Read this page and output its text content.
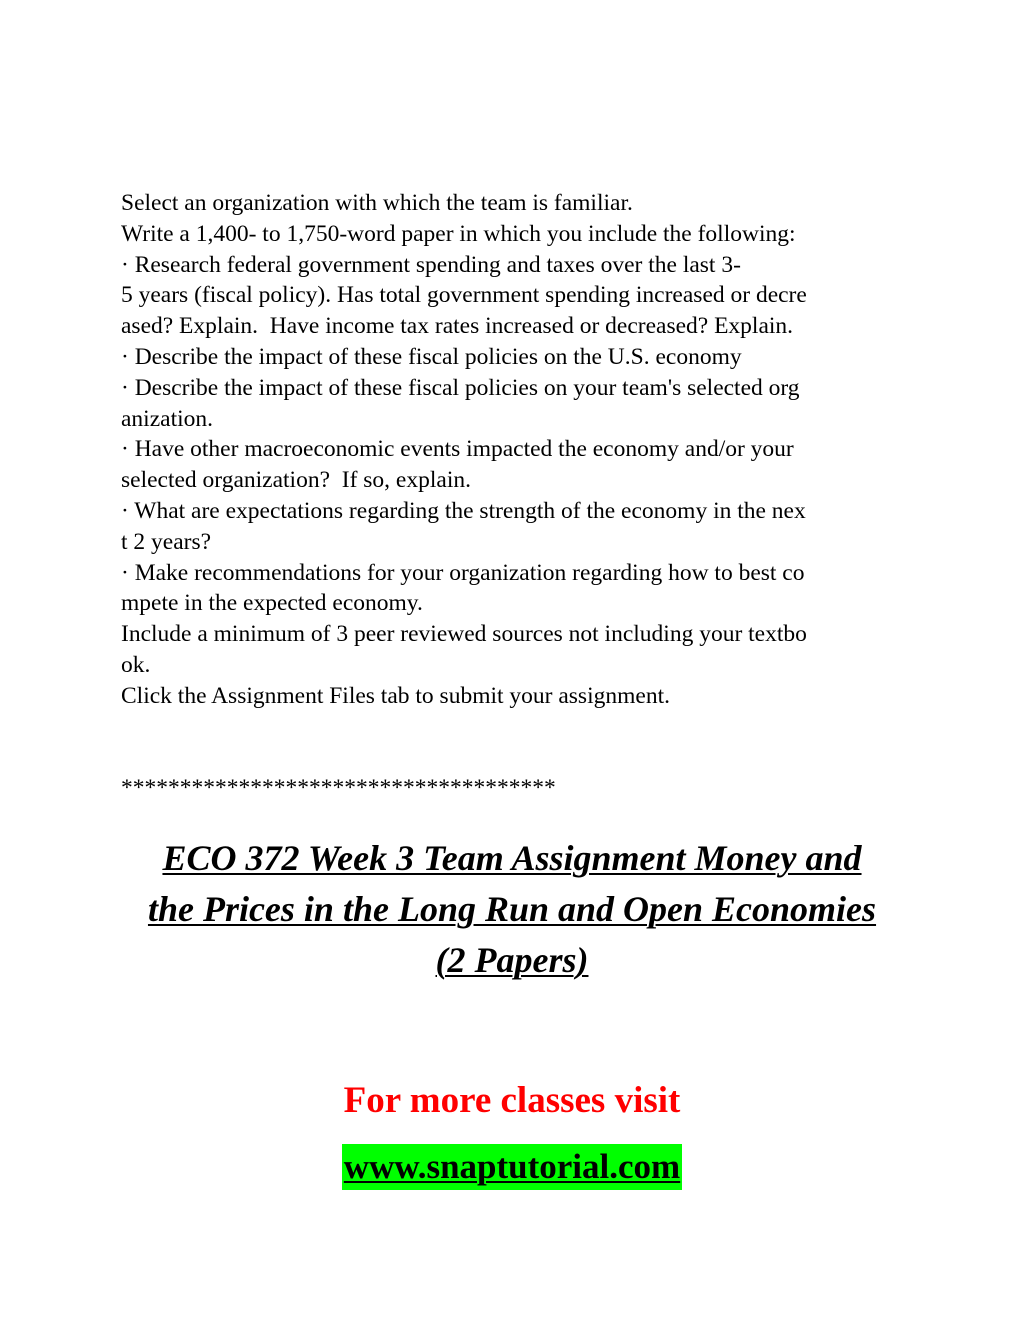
Select an organization with which the team is familiar.
Write a 1,400- to 1,750-word paper in which you include the following:
· Research federal government spending and taxes over the last 3-
5 years (fiscal policy). Has total government spending increased or decre
ased? Explain.  Have income tax rates increased or decreased? Explain.
· Describe the impact of these fiscal policies on the U.S. economy
· Describe the impact of these fiscal policies on your team's selected org
anization.
· Have other macroeconomic events impacted the economy and/or your
selected organization?  If so, explain.
· What are expectations regarding the strength of the economy in the nex
t 2 years?
· Make recommendations for your organization regarding how to best co
mpete in the expected economy.
Include a minimum of 3 peer reviewed sources not including your textbo
ok.
Click the Assignment Files tab to submit your assignment.
*************************************
ECO 372 Week 3 Team Assignment Money and
the Prices in the Long Run and Open Economies
(2 Papers)
For more classes visit
www.snaptutorial.com
